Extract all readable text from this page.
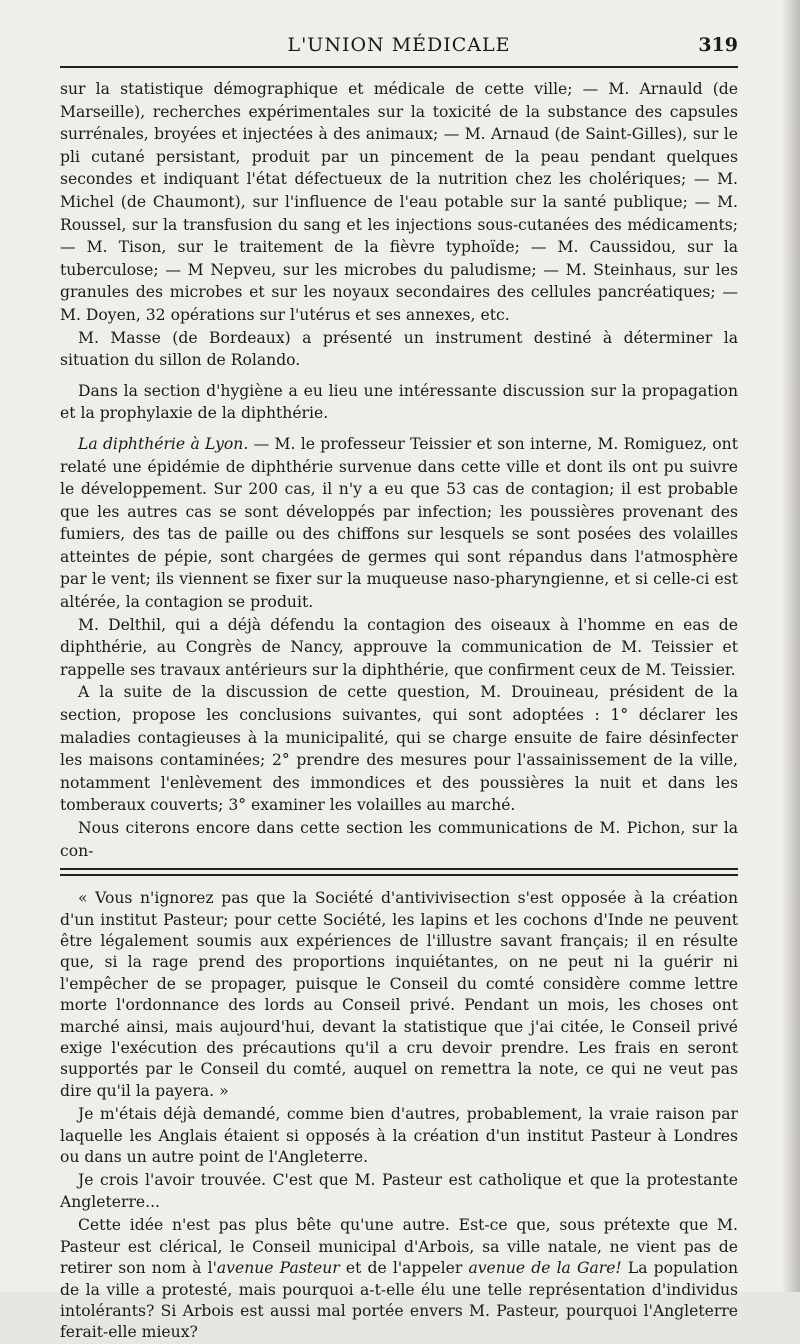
L'UNION MÉDICALE	319

sur la statistique démographique et médicale de cette ville; — M. Arnauld (de Marseille), recherches expérimentales sur la toxicité de la substance des capsules surrénales, broyées et injectées à des animaux; — M. Arnaud (de Saint-Gilles), sur le pli cutané persistant, produit par un pincement de la peau pendant quelques secondes et indiquant l'état défectueux de la nutrition chez les cholériques; — M. Michel (de Chaumont), sur l'influence de l'eau potable sur la santé publique; — M. Roussel, sur la transfusion du sang et les injections sous-cutanées des médicaments; — M. Tison, sur le traitement de la fièvre typhoïde; — M. Caussidou, sur la tuberculose; — M Nepveu, sur les microbes du paludisme; — M. Steinhaus, sur les granules des microbes et sur les noyaux secondaires des cellules pancréatiques; — M. Doyen, 32 opérations sur l'utérus et ses annexes, etc.

M. Masse (de Bordeaux) a présenté un instrument destiné à déterminer la situation du sillon de Rolando.

Dans la section d'hygiène a eu lieu une intéressante discussion sur la propagation et la prophylaxie de la diphthérie.

La diphthérie à Lyon. — M. le professeur Teissier et son interne, M. Romiguez, ont relaté une épidémie de diphthérie survenue dans cette ville et dont ils ont pu suivre le développement. Sur 200 cas, il n'y a eu que 53 cas de contagion; il est probable que les autres cas se sont développés par infection; les poussières provenant des fumiers, des tas de paille ou des chiffons sur lesquels se sont posées des volailles atteintes de pépie, sont chargées de germes qui sont répandus dans l'atmosphère par le vent; ils viennent se fixer sur la muqueuse naso-pharyngienne, et si celle-ci est altérée, la contagion se produit.

M. Delthil, qui a déjà défendu la contagion des oiseaux à l'homme en eas de diphthérie, au Congrès de Nancy, approuve la communication de M. Teissier et rappelle ses travaux antérieurs sur la diphthérie, que confirment ceux de M. Teissier.

A la suite de la discussion de cette question, M. Drouineau, président de la section, propose les conclusions suivantes, qui sont adoptées : 1° déclarer les maladies contagieuses à la municipalité, qui se charge ensuite de faire désinfecter les maisons contaminées; 2° prendre des mesures pour l'assainissement de la ville, notamment l'enlèvement des immondices et des poussières la nuit et dans les tomberaux couverts; 3° examiner les volailles au marché.

Nous citerons encore dans cette section les communications de M. Pichon, sur la con-

« Vous n'ignorez pas que la Société d'antivivisection s'est opposée à la création d'un institut Pasteur; pour cette Société, les lapins et les cochons d'Inde ne peuvent être légalement soumis aux expériences de l'illustre savant français; il en résulte que, si la rage prend des proportions inquiétantes, on ne peut ni la guérir ni l'empêcher de se propager, puisque le Conseil du comté considère comme lettre morte l'ordonnance des lords au Conseil privé. Pendant un mois, les choses ont marché ainsi, mais aujourd'hui, devant la statistique que j'ai citée, le Conseil privé exige l'exécution des précautions qu'il a cru devoir prendre. Les frais en seront supportés par le Conseil du comté, auquel on remettra la note, ce qui ne veut pas dire qu'il la payera. »

Je m'étais déjà demandé, comme bien d'autres, probablement, la vraie raison par laquelle les Anglais étaient si opposés à la création d'un institut Pasteur à Londres ou dans un autre point de l'Angleterre.

Je crois l'avoir trouvée. C'est que M. Pasteur est catholique et que la protestante Angleterre...

Cette idée n'est pas plus bête qu'une autre. Est-ce que, sous prétexte que M. Pasteur est clérical, le Conseil municipal d'Arbois, sa ville natale, ne vient pas de retirer son nom à l'avenue Pasteur et de l'appeler avenue de la Gare! La population de la ville a protesté, mais pourquoi a-t-elle élu une telle représentation d'individus intolérants? Si Arbois est aussi mal portée envers M. Pasteur, pourquoi l'Angleterre ferait-elle mieux?
